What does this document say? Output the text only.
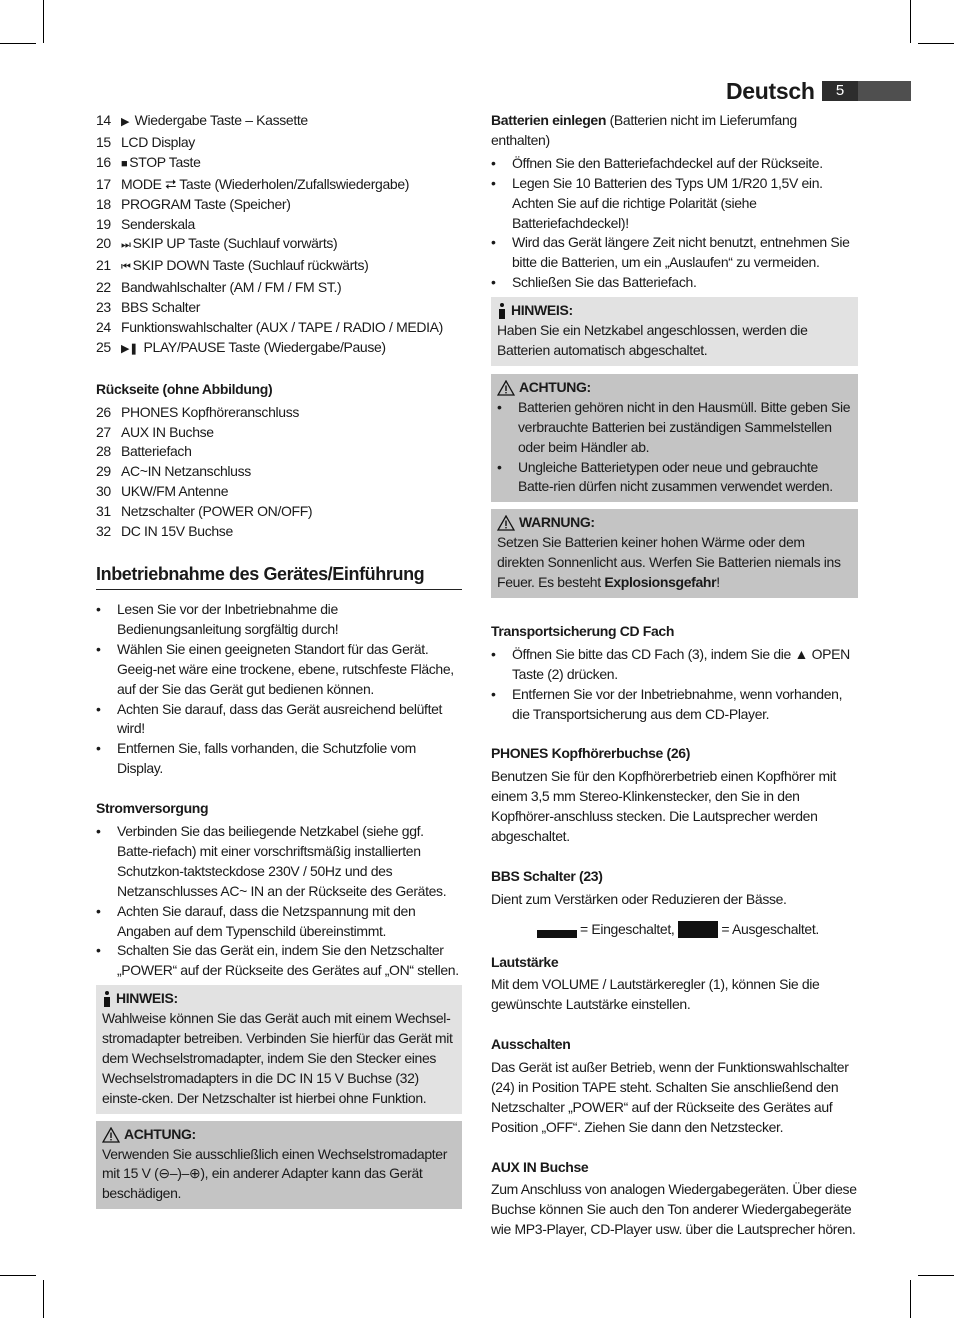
Deutsch	5
14 ▶ Wiedergabe Taste – Kassette
15 LCD Display
16 ■ STOP Taste
17 MODE ⮂ Taste (Wiederholen/Zufallswiedergabe)
18 PROGRAM Taste (Speicher)
19 Senderskala
20 ⏭ SKIP UP Taste (Suchlauf vorwärts)
21 ⏮ SKIP DOWN Taste (Suchlauf rückwärts)
22 Bandwahlschalter (AM / FM / FM ST.)
23 BBS Schalter
24 Funktionswahlschalter (AUX / TAPE / RADIO / MEDIA)
25 ▶❚ PLAY/PAUSE Taste (Wiedergabe/Pause)
Rückseite (ohne Abbildung)
26 PHONES Kopfhöreranschluss
27 AUX IN Buchse
28 Batteriefach
29 AC~IN Netzanschluss
30 UKW/FM Antenne
31 Netzschalter (POWER ON/OFF)
32 DC IN 15V Buchse
Inbetriebnahme des Gerätes/Einführung
• Lesen Sie vor der Inbetriebnahme die Bedienungsanleitung sorgfältig durch!
• Wählen Sie einen geeigneten Standort für das Gerät. Geeig-net wäre eine trockene, ebene, rutschfeste Fläche, auf der Sie das Gerät gut bedienen können.
• Achten Sie darauf, dass das Gerät ausreichend belüftet wird!
• Entfernen Sie, falls vorhanden, die Schutzfolie vom Display.
Stromversorgung
• Verbinden Sie das beiliegende Netzkabel (siehe ggf. Batte-riefach) mit einer vorschriftsmäßig installierten Schutzkon-taktsteckdose 230V / 50Hz und des Netzanschlusses AC~ IN an der Rückseite des Gerätes.
• Achten Sie darauf, dass die Netzspannung mit den Angaben auf dem Typenschild übereinstimmt.
• Schalten Sie das Gerät ein, indem Sie den Netzschalter „POWER“ auf der Rückseite des Gerätes auf „ON“ stellen.
HINWEIS:
Wahlweise können Sie das Gerät auch mit einem Wechsel-stromadapter betreiben. Verbinden Sie hierfür das Gerät mit dem Wechselstromadapter, indem Sie den Stecker eines Wechselstromadapters in die DC IN 15 V Buchse (32) einste-cken. Der Netzschalter ist hierbei ohne Funktion.
ACHTUNG:
Verwenden Sie ausschließlich einen Wechselstromadapter mit 15 V (⊖–)–⊕), ein anderer Adapter kann das Gerät beschädigen.
Batterien einlegen (Batterien nicht im Lieferumfang enthalten)
• Öffnen Sie den Batteriefachdeckel auf der Rückseite.
• Legen Sie 10 Batterien des Typs UM 1/R20 1,5V ein. Achten Sie auf die richtige Polarität (siehe Batteriefachdeckel)!
• Wird das Gerät längere Zeit nicht benutzt, entnehmen Sie bitte die Batterien, um ein „Auslaufen“ zu vermeiden.
• Schließen Sie das Batteriefach.
HINWEIS:
Haben Sie ein Netzkabel angeschlossen, werden die Batterien automatisch abgeschaltet.
ACHTUNG:
• Batterien gehören nicht in den Hausmüll. Bitte geben Sie verbrauchte Batterien bei zuständigen Sammelstellen oder beim Händler ab.
• Ungleiche Batterietypen oder neue und gebrauchte Batte-rien dürfen nicht zusammen verwendet werden.
WARNUNG:
Setzen Sie Batterien keiner hohen Wärme oder dem direkten Sonnenlicht aus. Werfen Sie Batterien niemals ins Feuer. Es besteht Explosionsgefahr!
Transportsicherung CD Fach
• Öffnen Sie bitte das CD Fach (3), indem Sie die ▲ OPEN Taste (2) drücken.
• Entfernen Sie vor der Inbetriebnahme, wenn vorhanden, die Transportsicherung aus dem CD-Player.
PHONES Kopfhörerbuchse (26)
Benutzen Sie für den Kopfhörerbetrieb einen Kopfhörer mit einem 3,5 mm Stereo-Klinkenstecker, den Sie in den Kopfhörer-anschluss stecken. Die Lautsprecher werden abgeschaltet.
BBS Schalter (23)
Dient zum Verstärken oder Reduzieren der Bässe.
= Eingeschaltet,	= Ausgeschaltet.
Lautstärke
Mit dem VOLUME / Lautstärkeregler (1), können Sie die gewünschte Lautstärke einstellen.
Ausschalten
Das Gerät ist außer Betrieb, wenn der Funktionswahlschalter (24) in Position TAPE steht. Schalten Sie anschließend den Netzschalter „POWER“ auf der Rückseite des Gerätes auf Position „OFF“. Ziehen Sie dann den Netzstecker.
AUX IN Buchse
Zum Anschluss von analogen Wiedergabegeräten. Über diese Buchse können Sie auch den Ton anderer Wiedergabegeräte wie MP3-Player, CD-Player usw. über die Lautsprecher hören.
